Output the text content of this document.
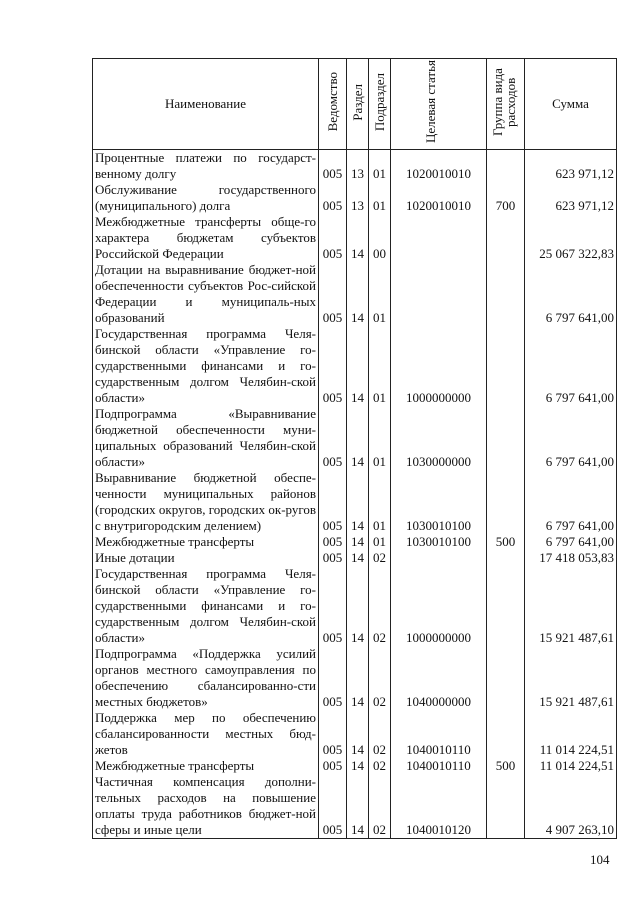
Наименование	Ведомство	Раздел	Подраздел	Целевая статья	Группа вида расходов	Сумма
Процентные платежи по государст-венному долгу	005	13	01	1020010010		623 971,12
Обслуживание государственного (муниципального) долга	005	13	01	1020010010	700	623 971,12
Межбюджетные трансферты обще-го характера бюджетам субъектов Российской Федерации	005	14	00			25 067 322,83
Дотации на выравнивание бюджет-ной обеспеченности субъектов Рос-сийской Федерации и муниципаль-ных образований	005	14	01			6 797 641,00
Государственная программа Челя-бинской области «Управление го-сударственными финансами и го-сударственным долгом Челябин-ской области»	005	14	01	1000000000		6 797 641,00
Подпрограмма «Выравнивание бюджетной обеспеченности муни-ципальных образований Челябин-ской области»	005	14	01	1030000000		6 797 641,00
Выравнивание бюджетной обеспе-ченности муниципальных районов (городских округов, городских ок-ругов с внутригородским делением)	005	14	01	1030010100		6 797 641,00
Межбюджетные трансферты	005	14	01	1030010100	500	6 797 641,00
Иные дотации	005	14	02			17 418 053,83
Государственная программа Челя-бинской области «Управление го-сударственными финансами и го-сударственным долгом Челябин-ской области»	005	14	02	1000000000		15 921 487,61
Подпрограмма «Поддержка усилий органов местного самоуправления по обеспечению сбалансированно-сти местных бюджетов»	005	14	02	1040000000		15 921 487,61
Поддержка мер по обеспечению сбалансированности местных бюд-жетов	005	14	02	1040010110		11 014 224,51
Межбюджетные трансферты	005	14	02	1040010110	500	11 014 224,51
Частичная компенсация дополни-тельных расходов на повышение оплаты труда работников бюджет-ной сферы и иные цели	005	14	02	1040010120		4 907 263,10
104
